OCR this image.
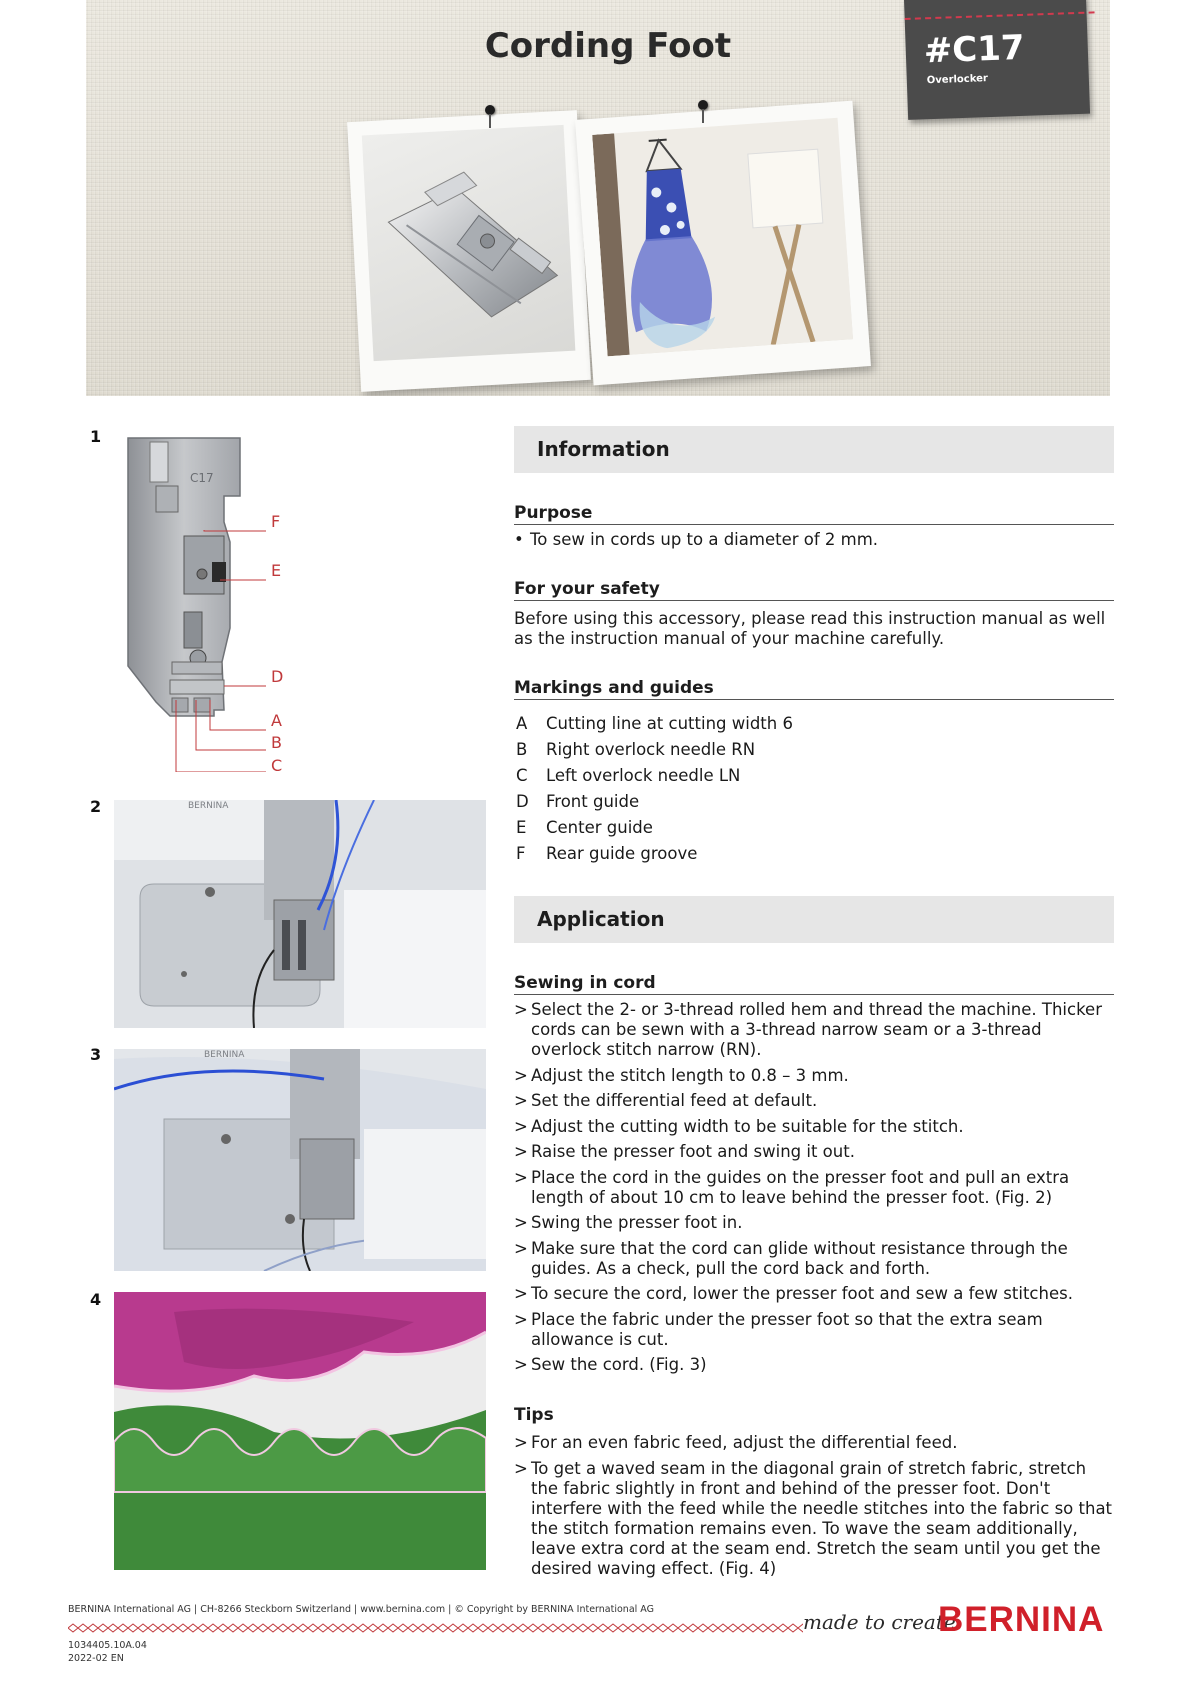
Cording Foot	#C17
Overlocker
1
C17
F
E
D
A
B
C
2	BERNINA
3	BERNINA
4
Information
Purpose
• To sew in cords up to a diameter of 2 mm.
For your safety
Before using this accessory, please read this instruction manual as well as the instruction manual of your machine carefully.
Markings and guides
A Cutting line at cutting width 6
B Right overlock needle RN
C Left overlock needle LN
D Front guide
E Center guide
F Rear guide groove
Application
Sewing in cord
> Select the 2- or 3-thread rolled hem and thread the machine. Thicker cords can be sewn with a 3-thread narrow seam or a 3-thread overlock stitch narrow (RN).
> Adjust the stitch length to 0.8 – 3 mm.
> Set the differential feed at default.
> Adjust the cutting width to be suitable for the stitch.
> Raise the presser foot and swing it out.
> Place the cord in the guides on the presser foot and pull an extra length of about 10 cm to leave behind the presser foot. (Fig. 2)
> Swing the presser foot in.
> Make sure that the cord can glide without resistance through the guides. As a check, pull the cord back and forth.
> To secure the cord, lower the presser foot and sew a few stitches.
> Place the fabric under the presser foot so that the extra seam allowance is cut.
> Sew the cord. (Fig. 3)
Tips
> For an even fabric feed, adjust the differential feed.
> To get a waved seam in the diagonal grain of stretch fabric, stretch the fabric slightly in front and behind of the presser foot. Don't interfere with the feed while the needle stitches into the fabric so that the stitch formation remains even. To wave the seam additionally, leave extra cord at the seam end. Stretch the seam until you get the desired waving effect. (Fig. 4)
BERNINA International AG | CH-8266 Steckborn Switzerland | www.bernina.com | © Copyright by BERNINA International AG
made to create
BERNINA
1034405.10A.04
2022-02 EN
